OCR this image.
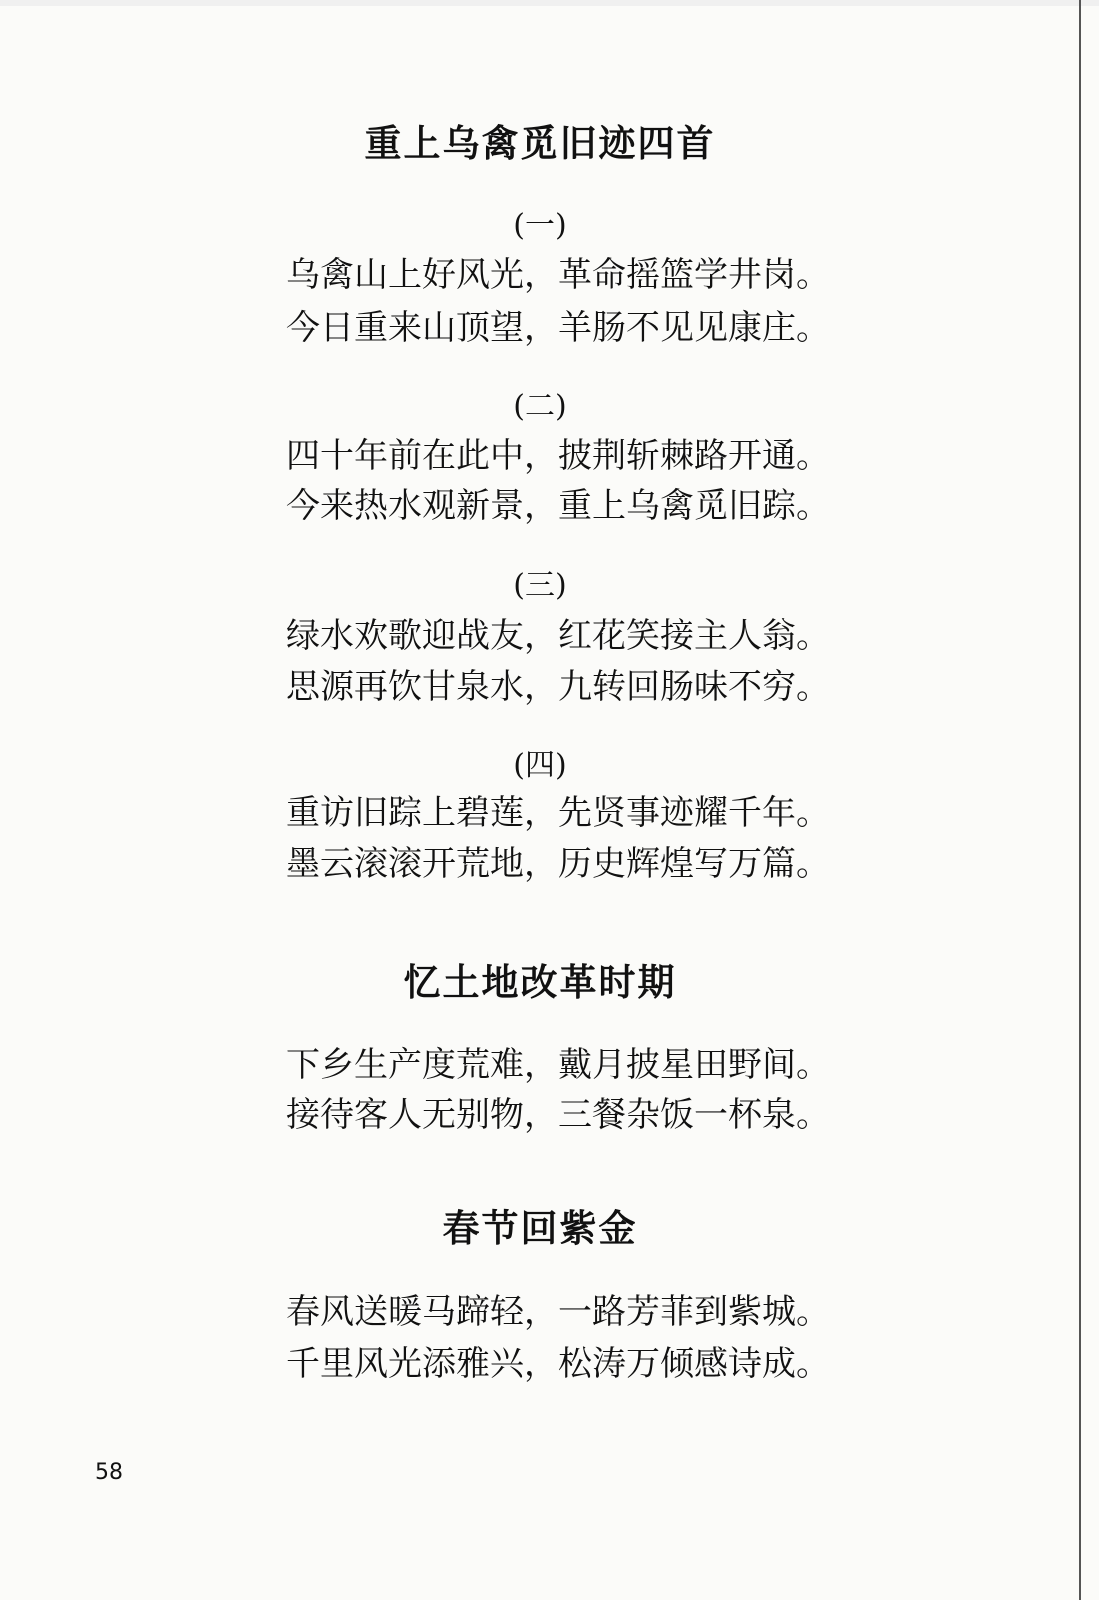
重上乌禽觅旧迹四首
(一)
乌禽山上好风光，革命摇篮学井岗。
今日重来山顶望，羊肠不见见康庄。
(二)
四十年前在此中，披荆斩棘路开通。
今来热水观新景，重上乌禽觅旧踪。
(三)
绿水欢歌迎战友，红花笑接主人翁。
思源再饮甘泉水，九转回肠味不穷。
(四)
重访旧踪上碧莲，先贤事迹耀千年。
墨云滚滚开荒地，历史辉煌写万篇。
忆土地改革时期
下乡生产度荒难，戴月披星田野间。
接待客人无别物，三餐杂饭一杯泉。
春节回紫金
春风送暖马蹄轻，一路芳菲到紫城。
千里风光添雅兴，松涛万倾感诗成。
58
